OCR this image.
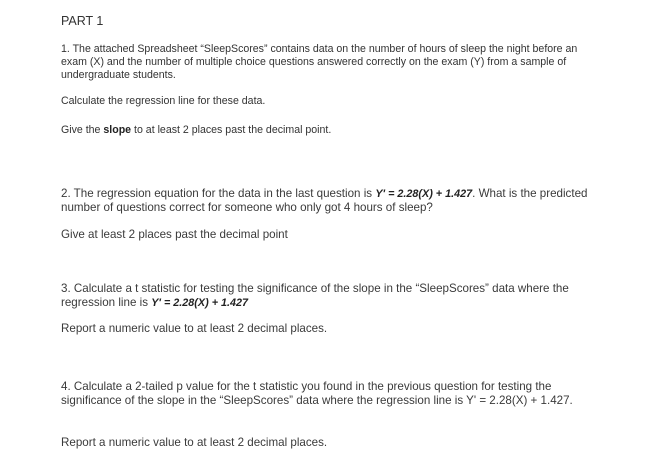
PART 1
1. The attached Spreadsheet “SleepScores” contains data on the number of hours of sleep the night before an exam (X) and the number of multiple choice questions answered correctly on the exam (Y) from a sample of undergraduate students.
Calculate the regression line for these data.
Give the slope to at least 2 places past the decimal point.
2. The regression equation for the data in the last question is Y' = 2.28(X) + 1.427. What is the predicted number of questions correct for someone who only got 4 hours of sleep?
Give at least 2 places past the decimal point
3. Calculate a t statistic for testing the significance of the slope in the “SleepScores” data where the regression line is Y' = 2.28(X) + 1.427
Report a numeric value to at least 2 decimal places.
4. Calculate a 2-tailed p value for the t statistic you found in the previous question for testing the significance of the slope in the “SleepScores” data where the regression line is Y' = 2.28(X) + 1.427.
Report a numeric value to at least 2 decimal places.
